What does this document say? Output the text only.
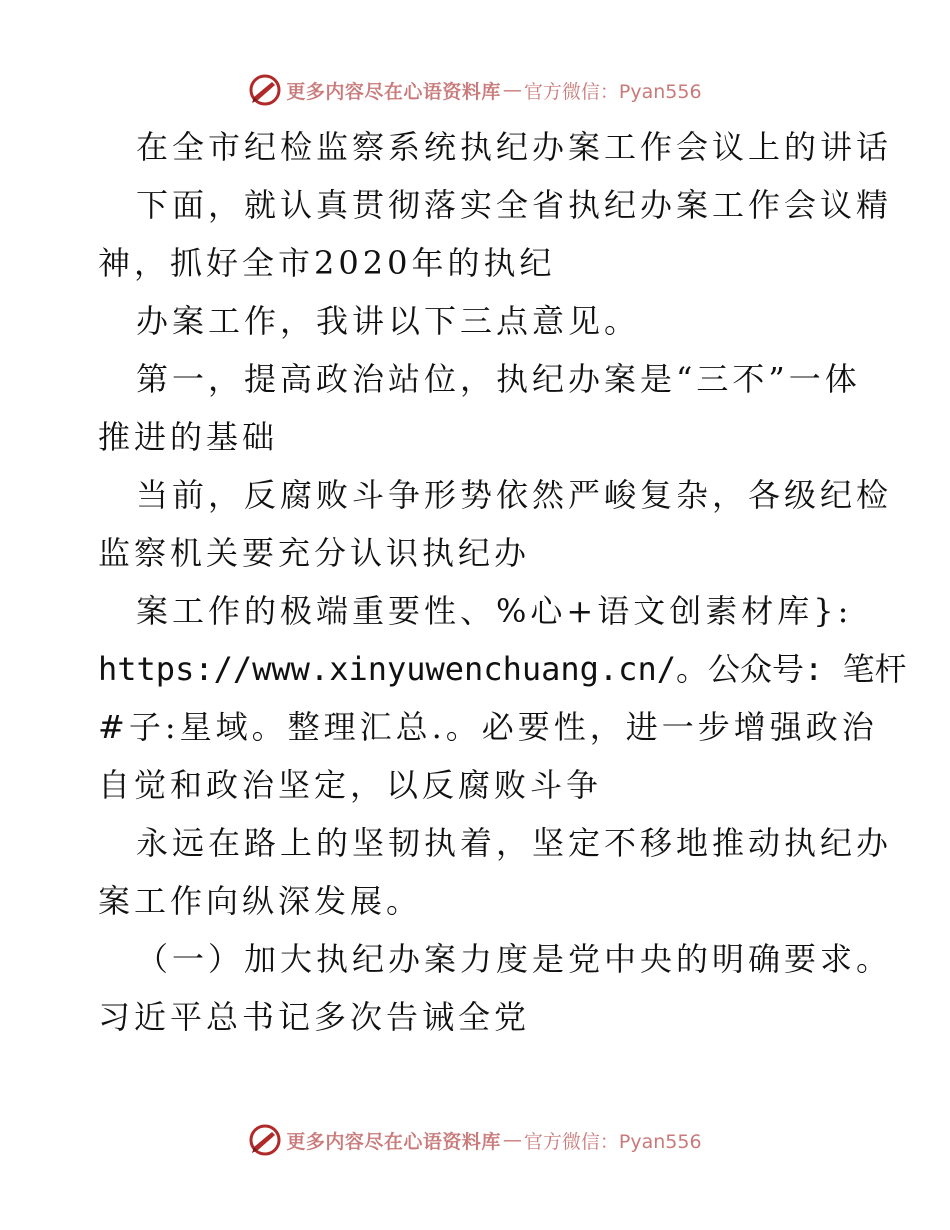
更多内容尽在心语资料库 — 官方微信：Pyan556
在全市纪检监察系统执纪办案工作会议上的讲话
下面，就认真贯彻落实全省执纪办案工作会议精
神，抓好全市2020年的执纪
办案工作，我讲以下三点意见。
第一，提高政治站位，执纪办案是“三不”一体
推进的基础
当前，反腐败斗争形势依然严峻复杂，各级纪检
监察机关要充分认识执纪办
案工作的极端重要性、%心+语文创素材库}:
https://www.xinyuwenchuang.cn/。公众号: 笔杆
#子:星域。整理汇总.。必要性，进一步增强政治
自觉和政治坚定，以反腐败斗争
永远在路上的坚韧执着，坚定不移地推动执纪办
案工作向纵深发展。
（一）加大执纪办案力度是党中央的明确要求。
习近平总书记多次告诫全党
更多内容尽在心语资料库 — 官方微信：Pyan556
